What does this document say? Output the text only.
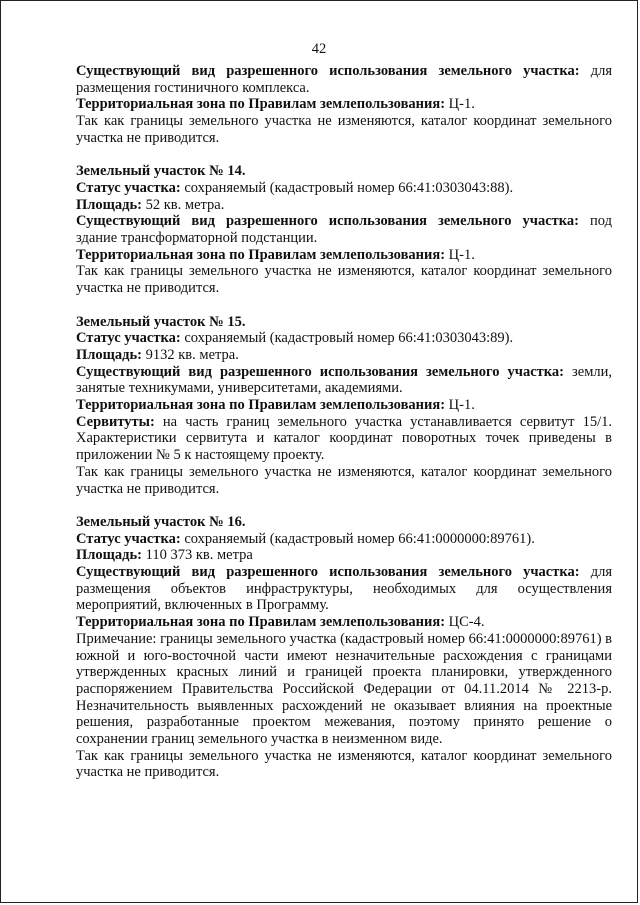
42

Существующий вид разрешенного использования земельного участка: для размещения гостиничного комплекса.

Территориальная зона по Правилам землепользования: Ц-1.

Так как границы земельного участка не изменяются, каталог координат земельного участка не приводится.

Земельный участок № 14.

Статус участка: сохраняемый (кадастровый номер 66:41:0303043:88).

Площадь: 52 кв. метра.

Существующий вид разрешенного использования земельного участка: под здание трансформаторной подстанции.

Территориальная зона по Правилам землепользования: Ц-1.

Так как границы земельного участка не изменяются, каталог координат земельного участка не приводится.

Земельный участок № 15.

Статус участка: сохраняемый (кадастровый номер 66:41:0303043:89).

Площадь: 9132 кв. метра.

Существующий вид разрешенного использования земельного участка: земли, занятые техникумами, университетами, академиями.

Территориальная зона по Правилам землепользования: Ц-1.

Сервитуты: на часть границ земельного участка устанавливается сервитут 15/1. Характеристики сервитута и каталог координат поворотных точек приведены в приложении № 5 к настоящему проекту.

Так как границы земельного участка не изменяются, каталог координат земельного участка не приводится.

Земельный участок № 16.

Статус участка: сохраняемый (кадастровый номер 66:41:0000000:89761).

Площадь: 110 373 кв. метра

Существующий вид разрешенного использования земельного участка: для размещения объектов инфраструктуры, необходимых для осуществления мероприятий, включенных в Программу.

Территориальная зона по Правилам землепользования: ЦС-4.

Примечание: границы земельного участка (кадастровый номер 66:41:0000000:89761) в южной и юго-восточной части имеют незначительные расхождения с границами утвержденных красных линий и границей проекта планировки, утвержденного распоряжением Правительства Российской Федерации от 04.11.2014 № 2213-р. Незначительность выявленных расхождений не оказывает влияния на проектные решения, разработанные проектом межевания, поэтому принято решение о сохранении границ земельного участка в неизменном виде.

Так как границы земельного участка не изменяются, каталог координат земельного участка не приводится.
